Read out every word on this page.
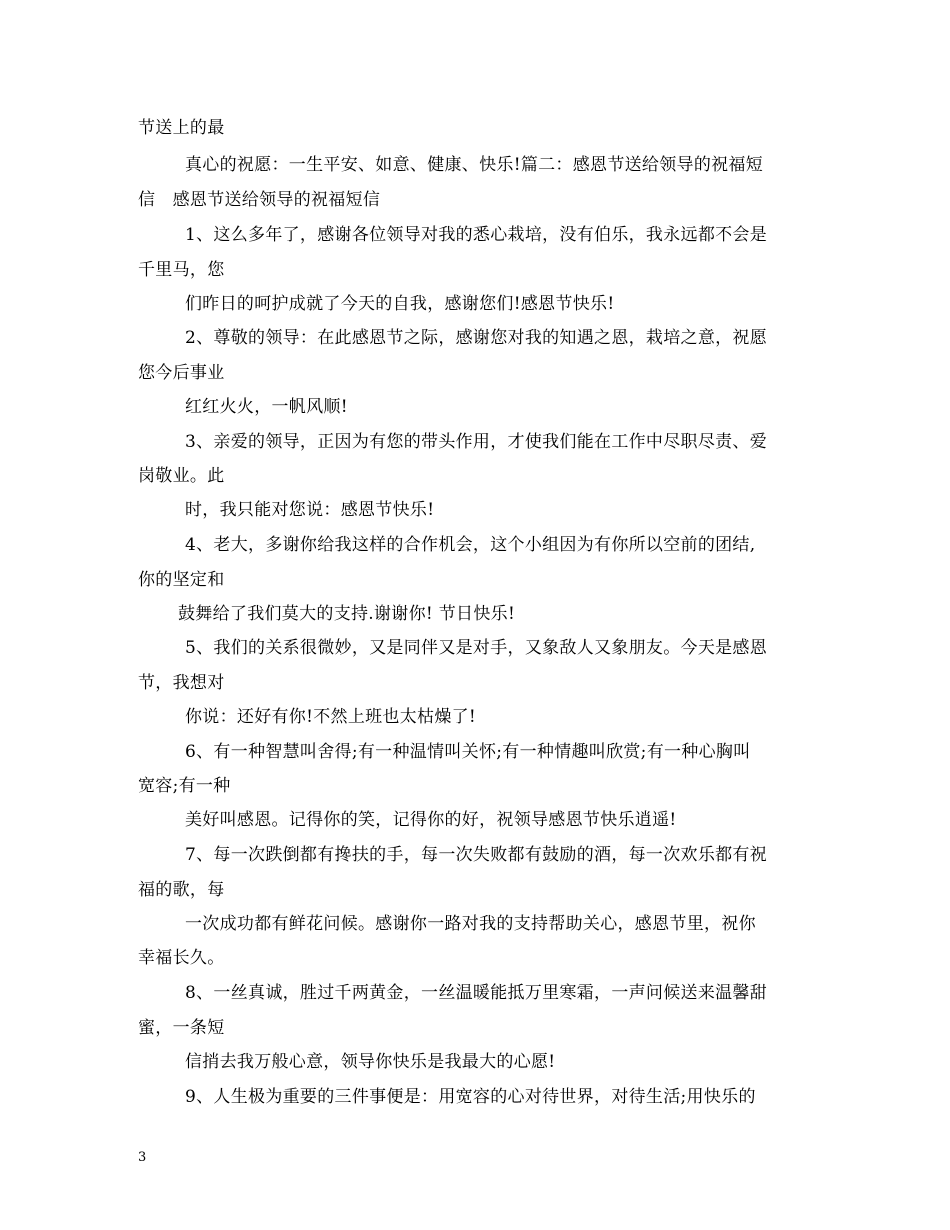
节送上的最
真心的祝愿：一生平安、如意、健康、快乐!篇二：感恩节送给领导的祝福短
信　感恩节送给领导的祝福短信
1、这么多年了，感谢各位领导对我的悉心栽培，没有伯乐，我永远都不会是
千里马，您
们昨日的呵护成就了今天的自我，感谢您们!感恩节快乐!
2、尊敬的领导：在此感恩节之际，感谢您对我的知遇之恩，栽培之意，祝愿
您今后事业
红红火火，一帆风顺!
3、亲爱的领导，正因为有您的带头作用，才使我们能在工作中尽职尽责、爱
岗敬业。此
时，我只能对您说：感恩节快乐!
4、老大，多谢你给我这样的合作机会，这个小组因为有你所以空前的团结,
你的坚定和
鼓舞给了我们莫大的支持.谢谢你! 节日快乐!
5、我们的关系很微妙，又是同伴又是对手，又象敌人又象朋友。今天是感恩
节，我想对
你说：还好有你!不然上班也太枯燥了!
6、有一种智慧叫舍得;有一种温情叫关怀;有一种情趣叫欣赏;有一种心胸叫
宽容;有一种
美好叫感恩。记得你的笑，记得你的好，祝领导感恩节快乐逍遥!
7、每一次跌倒都有搀扶的手，每一次失败都有鼓励的酒，每一次欢乐都有祝
福的歌，每
一次成功都有鲜花问候。感谢你一路对我的支持帮助关心，感恩节里，祝你
幸福长久。
8、一丝真诚，胜过千两黄金，一丝温暖能抵万里寒霜，一声问候送来温馨甜
蜜，一条短
信捎去我万般心意，领导你快乐是我最大的心愿!
9、人生极为重要的三件事便是：用宽容的心对待世界，对待生活;用快乐的
3
